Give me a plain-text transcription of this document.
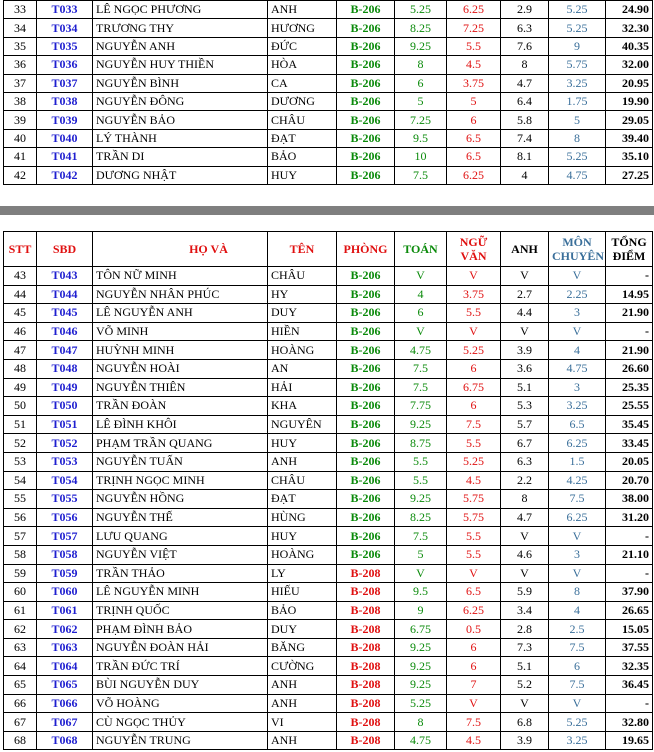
33	T033	LÊ NGỌC PHƯƠNG	ANH	B-206	5.25	6.25	2.9	5.25	24.90
34	T034	TRƯƠNG THY	HƯƠNG	B-206	8.25	7.25	6.3	5.25	32.30
35	T035	NGUYỄN ANH	ĐỨC	B-206	9.25	5.5	7.6	9	40.35
36	T036	NGUYỄN HUY THIỀN	HÒA	B-206	8	4.5	8	5.75	32.00
37	T037	NGUYỄN BÌNH	CA	B-206	6	3.75	4.7	3.25	20.95
38	T038	NGUYỄN ĐÔNG	DƯƠNG	B-206	5	5	6.4	1.75	19.90
39	T039	NGUYỄN BẢO	CHÂU	B-206	7.25	6	5.8	5	29.05
40	T040	LÝ THÀNH	ĐẠT	B-206	9.5	6.5	7.4	8	39.40
41	T041	TRẦN DI	BẢO	B-206	10	6.5	8.1	5.25	35.10
42	T042	DƯƠNG NHẬT	HUY	B-206	7.5	6.25	4	4.75	27.25
STT	SBD	HỌ VÀ	TÊN	PHÒNG	TOÁN	NGỮ VĂN	ANH	MÔN CHUYÊN	TỔNG ĐIỂM
43	T043	TÔN NỮ MINH	CHÂU	B-206	V	V	V	V	-
44	T044	NGUYỄN NHÂN PHÚC	HY	B-206	4	3.75	2.7	2.25	14.95
45	T045	LÊ NGUYỄN ANH	DUY	B-206	6	5.5	4.4	3	21.90
46	T046	VÕ MINH	HIỀN	B-206	V	V	V	V	-
47	T047	HUỲNH MINH	HOÀNG	B-206	4.75	5.25	3.9	4	21.90
48	T048	NGUYỄN HOÀI	AN	B-206	7.5	6	3.6	4.75	26.60
49	T049	NGUYỄN THIÊN	HẢI	B-206	7.5	6.75	5.1	3	25.35
50	T050	TRẦN ĐOÀN	KHA	B-206	7.75	6	5.3	3.25	25.55
51	T051	LÊ ĐÌNH KHÔI	NGUYÊN	B-206	9.25	7.5	5.7	6.5	35.45
52	T052	PHẠM TRẦN QUANG	HUY	B-206	8.75	5.5	6.7	6.25	33.45
53	T053	NGUYỄN TUẤN	ANH	B-206	5.5	5.25	6.3	1.5	20.05
54	T054	TRỊNH NGỌC MINH	CHÂU	B-206	5.5	4.5	2.2	4.25	20.70
55	T055	NGUYỄN HỒNG	ĐẠT	B-206	9.25	5.75	8	7.5	38.00
56	T056	NGUYỄN THẾ	HÙNG	B-206	8.25	5.75	4.7	6.25	31.20
57	T057	LƯU QUANG	HUY	B-206	7.5	5.5	V	V	-
58	T058	NGUYỄN VIỆT	HOÀNG	B-206	5	5.5	4.6	3	21.10
59	T059	TRẦN THẢO	LY	B-208	V	V	V	V	-
60	T060	LÊ NGUYỄN MINH	HIẾU	B-208	9.5	6.5	5.9	8	37.90
61	T061	TRỊNH QUỐC	BẢO	B-208	9	6.25	3.4	4	26.65
62	T062	PHẠM ĐÌNH BẢO	DUY	B-208	6.75	0.5	2.8	2.5	15.05
63	T063	NGUYỄN ĐOÀN HẢI	BĂNG	B-208	9.25	6	7.3	7.5	37.55
64	T064	TRẦN ĐỨC TRÍ	CƯỜNG	B-208	9.25	6	5.1	6	32.35
65	T065	BÙI NGUYỄN DUY	ANH	B-208	9.25	7	5.2	7.5	36.45
66	T066	VÕ HOÀNG	ANH	B-208	5.25	V	V	V	-
67	T067	CÙ NGỌC THỦY	VI	B-208	8	7.5	6.8	5.25	32.80
68	T068	NGUYỄN TRUNG	ANH	B-208	4.75	4.5	3.9	3.25	19.65
